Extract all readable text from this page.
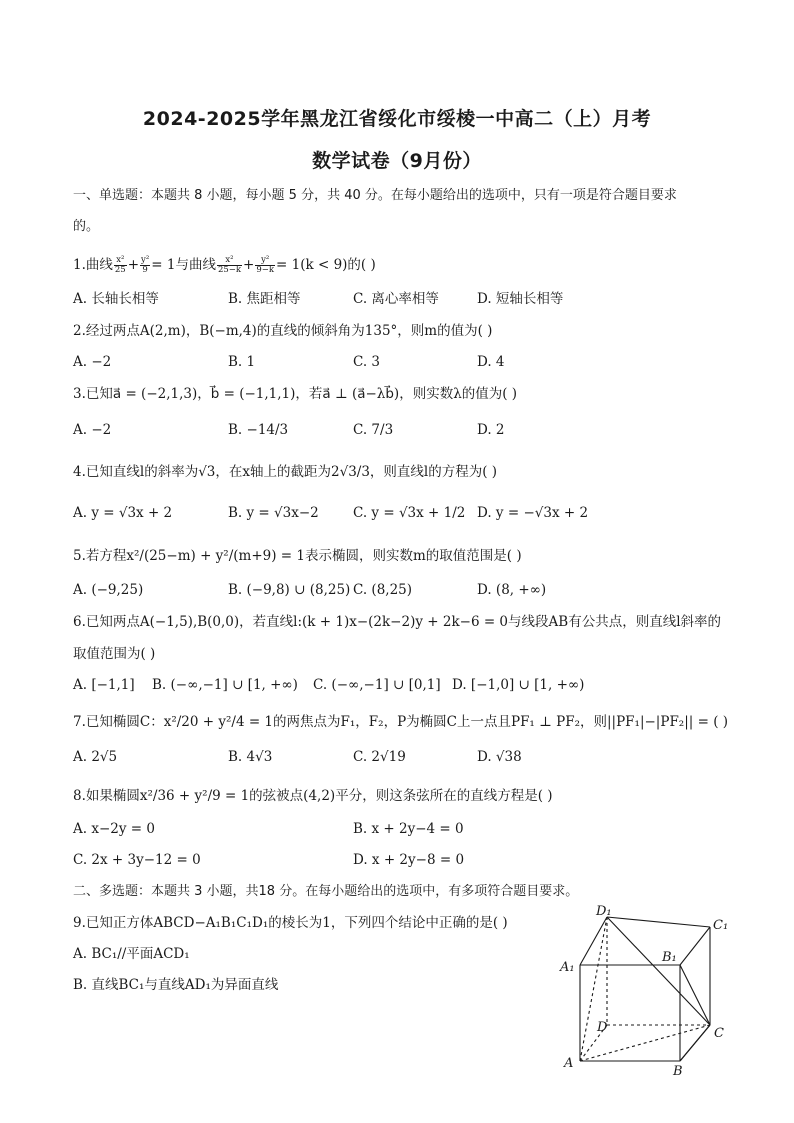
2024-2025学年黑龙江省绥化市绥棱一中高二（上）月考
数学试卷（9月份）
一、单选题：本题共 8 小题，每小题 5 分，共 40 分。在每小题给出的选项中，只有一项是符合题目要求
的。
1.曲线 $\frac{\text{x²}}{25} + \frac{\text{y²}}{9} = 1$与曲线 $\frac{\text{x²}}{25-k} + \frac{\text{y²}}{9-k} = 1(k < 9)$的( )
A. 长轴长相等	B. 焦距相等	C. 离心率相等	D. 短轴长相等
2.经过两点A(2,m)，B(−m,4)的直线的倾斜角为135°，则m的值为( )
A. −2	B. 1	C. 3	D. 4
3.已知a⃗ = (−2,1,3)，b⃗ = (−1,1,1)，若a⃗ ⊥ (a⃗−λb⃗)，则实数λ的值为( )
A. −2	B. −14/3	C. 7/3	D. 2
4.已知直线l的斜率为√3，在x轴上的截距为2√3/3，则直线l的方程为( )
A. y = √3x + 2	B. y = √3x−2	C. y = √3x + 1/2 D. y = −√3x + 2
5.若方程x²/(25−m) + y²/(m+9) = 1表示椭圆，则实数m的取值范围是( )
A. (−9,25)	B. (−9,8) ∪ (8,25) C. (8,25)	D. (8, +∞)
6.已知两点A(−1,5),B(0,0)，若直线l:(k + 1)x−(2k−2)y + 2k−6 = 0与线段AB有公共点，则直线l斜率的
取值范围为( )
A. [−1,1] B. (−∞,−1] ∪ [1, +∞) C. (−∞,−1] ∪ [0,1] D. [−1,0] ∪ [1, +∞)
7.已知椭圆C：x²/20 + y²/4 = 1的两焦点为F₁，F₂，P为椭圆C上一点且PF₁ ⊥ PF₂，则||PF₁|−|PF₂|| = ( )
A. 2√5	B. 4√3	C. 2√19	D. √38
8.如果椭圆x²/36 + y²/9 = 1的弦被点(4,2)平分，则这条弦所在的直线方程是( )
A. x−2y = 0	B. x + 2y−4 = 0
C. 2x + 3y−12 = 0	D. x + 2y−8 = 0
二、多选题：本题共 3 小题，共18 分。在每小题给出的选项中，有多项符合题目要求。
9.已知正方体ABCD−A₁B₁C₁D₁的棱长为1，下列四个结论中正确的是( )
A. BC₁//平面ACD₁
B. 直线BC₁与直线AD₁为异面直线
D₁
C₁
A₁
B₁
D	C
A
B
